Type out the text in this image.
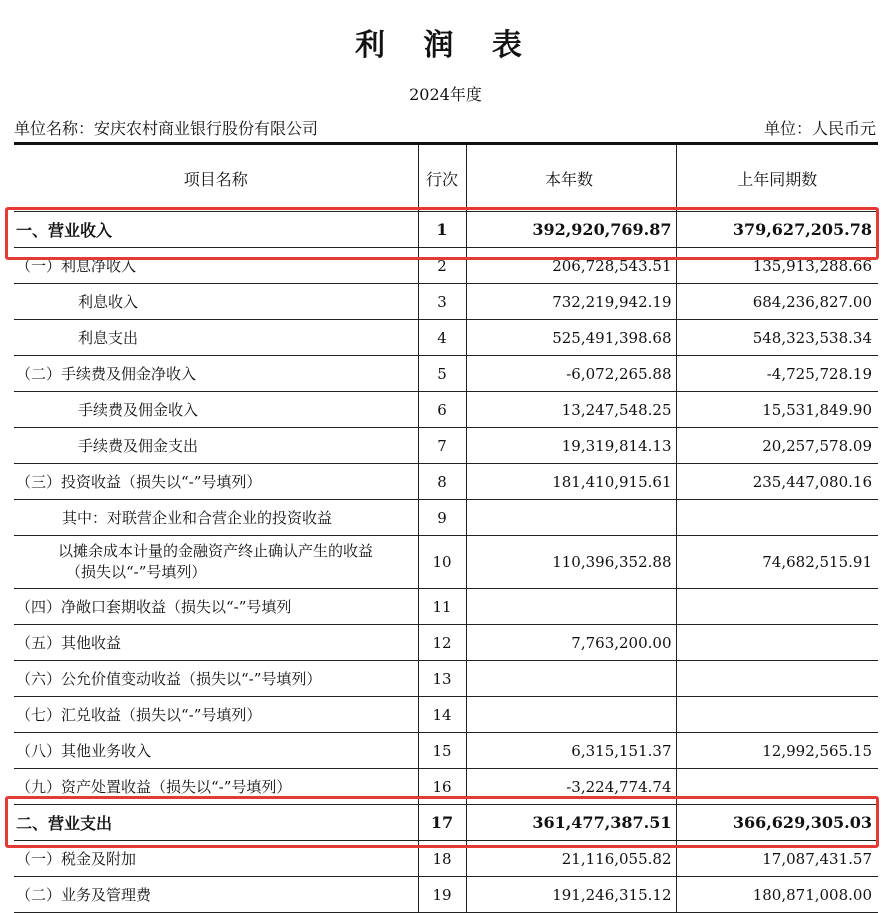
利 润 表
2024年度
单位名称：安庆农村商业银行股份有限公司	单位：人民币元
项目名称	行次	本年数	上年同期数
一、营业收入	1	392,920,769.87	379,627,205.78
（一）利息净收入	2	206,728,543.51	135,913,288.66
利息收入	3	732,219,942.19	684,236,827.00
利息支出	4	525,491,398.68	548,323,538.34
（二）手续费及佣金净收入	5	-6,072,265.88	-4,725,728.19
手续费及佣金收入	6	13,247,548.25	15,531,849.90
手续费及佣金支出	7	19,319,814.13	20,257,578.09
（三）投资收益（损失以“-”号填列）	8	181,410,915.61	235,447,080.16
其中：对联营企业和合营企业的投资收益	9		

以摊余成本计量的金融资产终止确认产生的收益
（损失以“-”号填列）	10	110,396,352.88	74,682,515.91
（四）净敞口套期收益（损失以“-”号填列	11		
（五）其他收益	12	7,763,200.00	
（六）公允价值变动收益（损失以“-”号填列）	13		
（七）汇兑收益（损失以“-”号填列）	14		
（八）其他业务收入	15	6,315,151.37	12,992,565.15
（九）资产处置收益（损失以“-”号填列）	16	-3,224,774.74	
二、营业支出	17	361,477,387.51	366,629,305.03
（一）税金及附加	18	21,116,055.82	17,087,431.57
（二）业务及管理费	19	191,246,315.12	180,871,008.00
